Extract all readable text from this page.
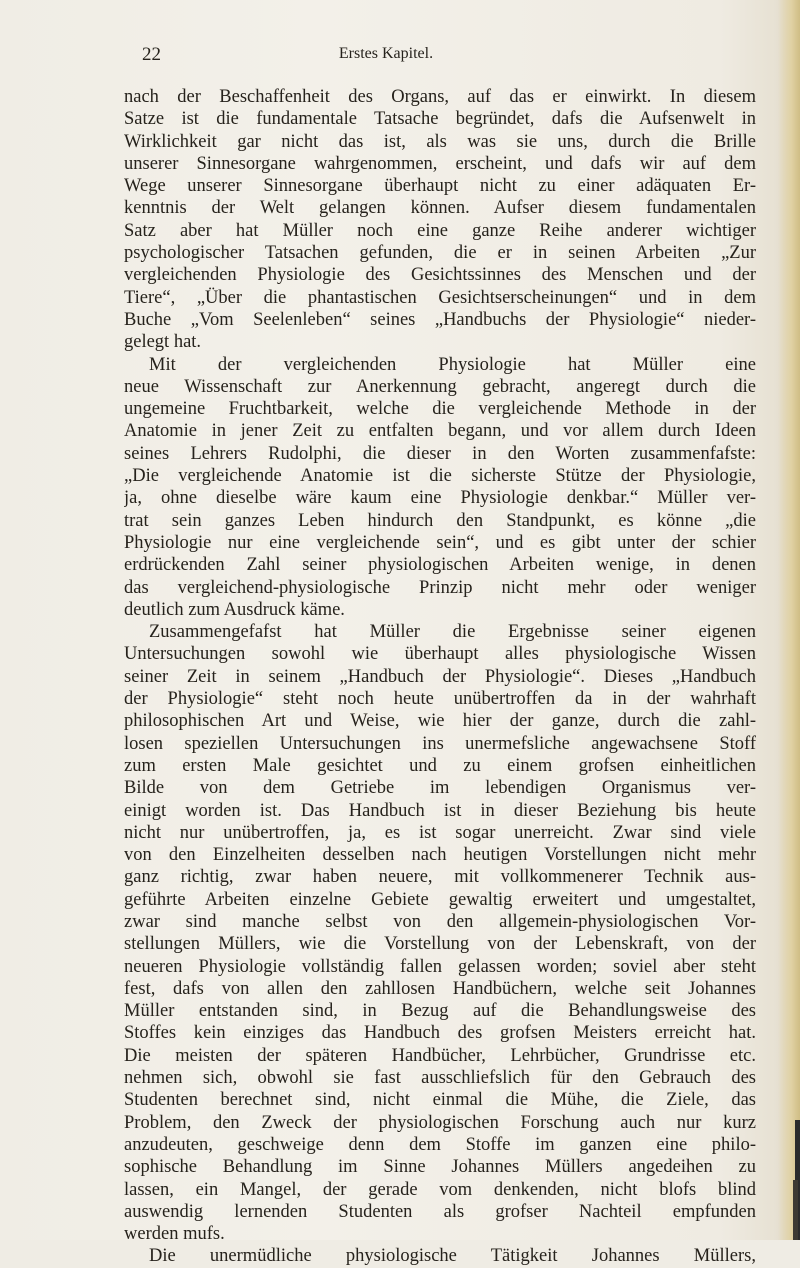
22	Erstes Kapitel.
nach der Beschaffenheit des Organs, auf das er einwirkt. In diesem
Satze ist die fundamentale Tatsache begründet, dafs die Aufsenwelt in
Wirklichkeit gar nicht das ist, als was sie uns, durch die Brille
unserer Sinnesorgane wahrgenommen, erscheint, und dafs wir auf dem
Wege unserer Sinnesorgane überhaupt nicht zu einer adäquaten Er-
kenntnis der Welt gelangen können. Aufser diesem fundamentalen
Satz aber hat Müller noch eine ganze Reihe anderer wichtiger
psychologischer Tatsachen gefunden, die er in seinen Arbeiten „Zur
vergleichenden Physiologie des Gesichtssinnes des Menschen und der
Tiere“, „Über die phantastischen Gesichtserscheinungen“ und in dem
Buche „Vom Seelenleben“ seines „Handbuchs der Physiologie“ nieder-
gelegt hat.
Mit der vergleichenden Physiologie hat Müller eine
neue Wissenschaft zur Anerkennung gebracht, angeregt durch die
ungemeine Fruchtbarkeit, welche die vergleichende Methode in der
Anatomie in jener Zeit zu entfalten begann, und vor allem durch Ideen
seines Lehrers Rudolphi, die dieser in den Worten zusammenfafste:
„Die vergleichende Anatomie ist die sicherste Stütze der Physiologie,
ja, ohne dieselbe wäre kaum eine Physiologie denkbar.“ Müller ver-
trat sein ganzes Leben hindurch den Standpunkt, es könne „die
Physiologie nur eine vergleichende sein“, und es gibt unter der schier
erdrückenden Zahl seiner physiologischen Arbeiten wenige, in denen
das vergleichend-physiologische Prinzip nicht mehr oder weniger
deutlich zum Ausdruck käme.
Zusammengefafst hat Müller die Ergebnisse seiner eigenen
Untersuchungen sowohl wie überhaupt alles physiologische Wissen
seiner Zeit in seinem „Handbuch der Physiologie“. Dieses „Handbuch
der Physiologie“ steht noch heute unübertroffen da in der wahrhaft
philosophischen Art und Weise, wie hier der ganze, durch die zahl-
losen speziellen Untersuchungen ins unermefsliche angewachsene Stoff
zum ersten Male gesichtet und zu einem grofsen einheitlichen
Bilde von dem Getriebe im lebendigen Organismus ver-
einigt worden ist. Das Handbuch ist in dieser Beziehung bis heute
nicht nur unübertroffen, ja, es ist sogar unerreicht. Zwar sind viele
von den Einzelheiten desselben nach heutigen Vorstellungen nicht mehr
ganz richtig, zwar haben neuere, mit vollkommenerer Technik aus-
geführte Arbeiten einzelne Gebiete gewaltig erweitert und umgestaltet,
zwar sind manche selbst von den allgemein-physiologischen Vor-
stellungen Müllers, wie die Vorstellung von der Lebenskraft, von der
neueren Physiologie vollständig fallen gelassen worden; soviel aber steht
fest, dafs von allen den zahllosen Handbüchern, welche seit Johannes
Müller entstanden sind, in Bezug auf die Behandlungsweise des
Stoffes kein einziges das Handbuch des grofsen Meisters erreicht hat.
Die meisten der späteren Handbücher, Lehrbücher, Grundrisse etc.
nehmen sich, obwohl sie fast ausschliefslich für den Gebrauch des
Studenten berechnet sind, nicht einmal die Mühe, die Ziele, das
Problem, den Zweck der physiologischen Forschung auch nur kurz
anzudeuten, geschweige denn dem Stoffe im ganzen eine philo-
sophische Behandlung im Sinne Johannes Müllers angedeihen zu
lassen, ein Mangel, der gerade vom denkenden, nicht blofs blind
auswendig lernenden Studenten als grofser Nachteil empfunden
werden mufs.
Die unermüdliche physiologische Tätigkeit Johannes Müllers,
